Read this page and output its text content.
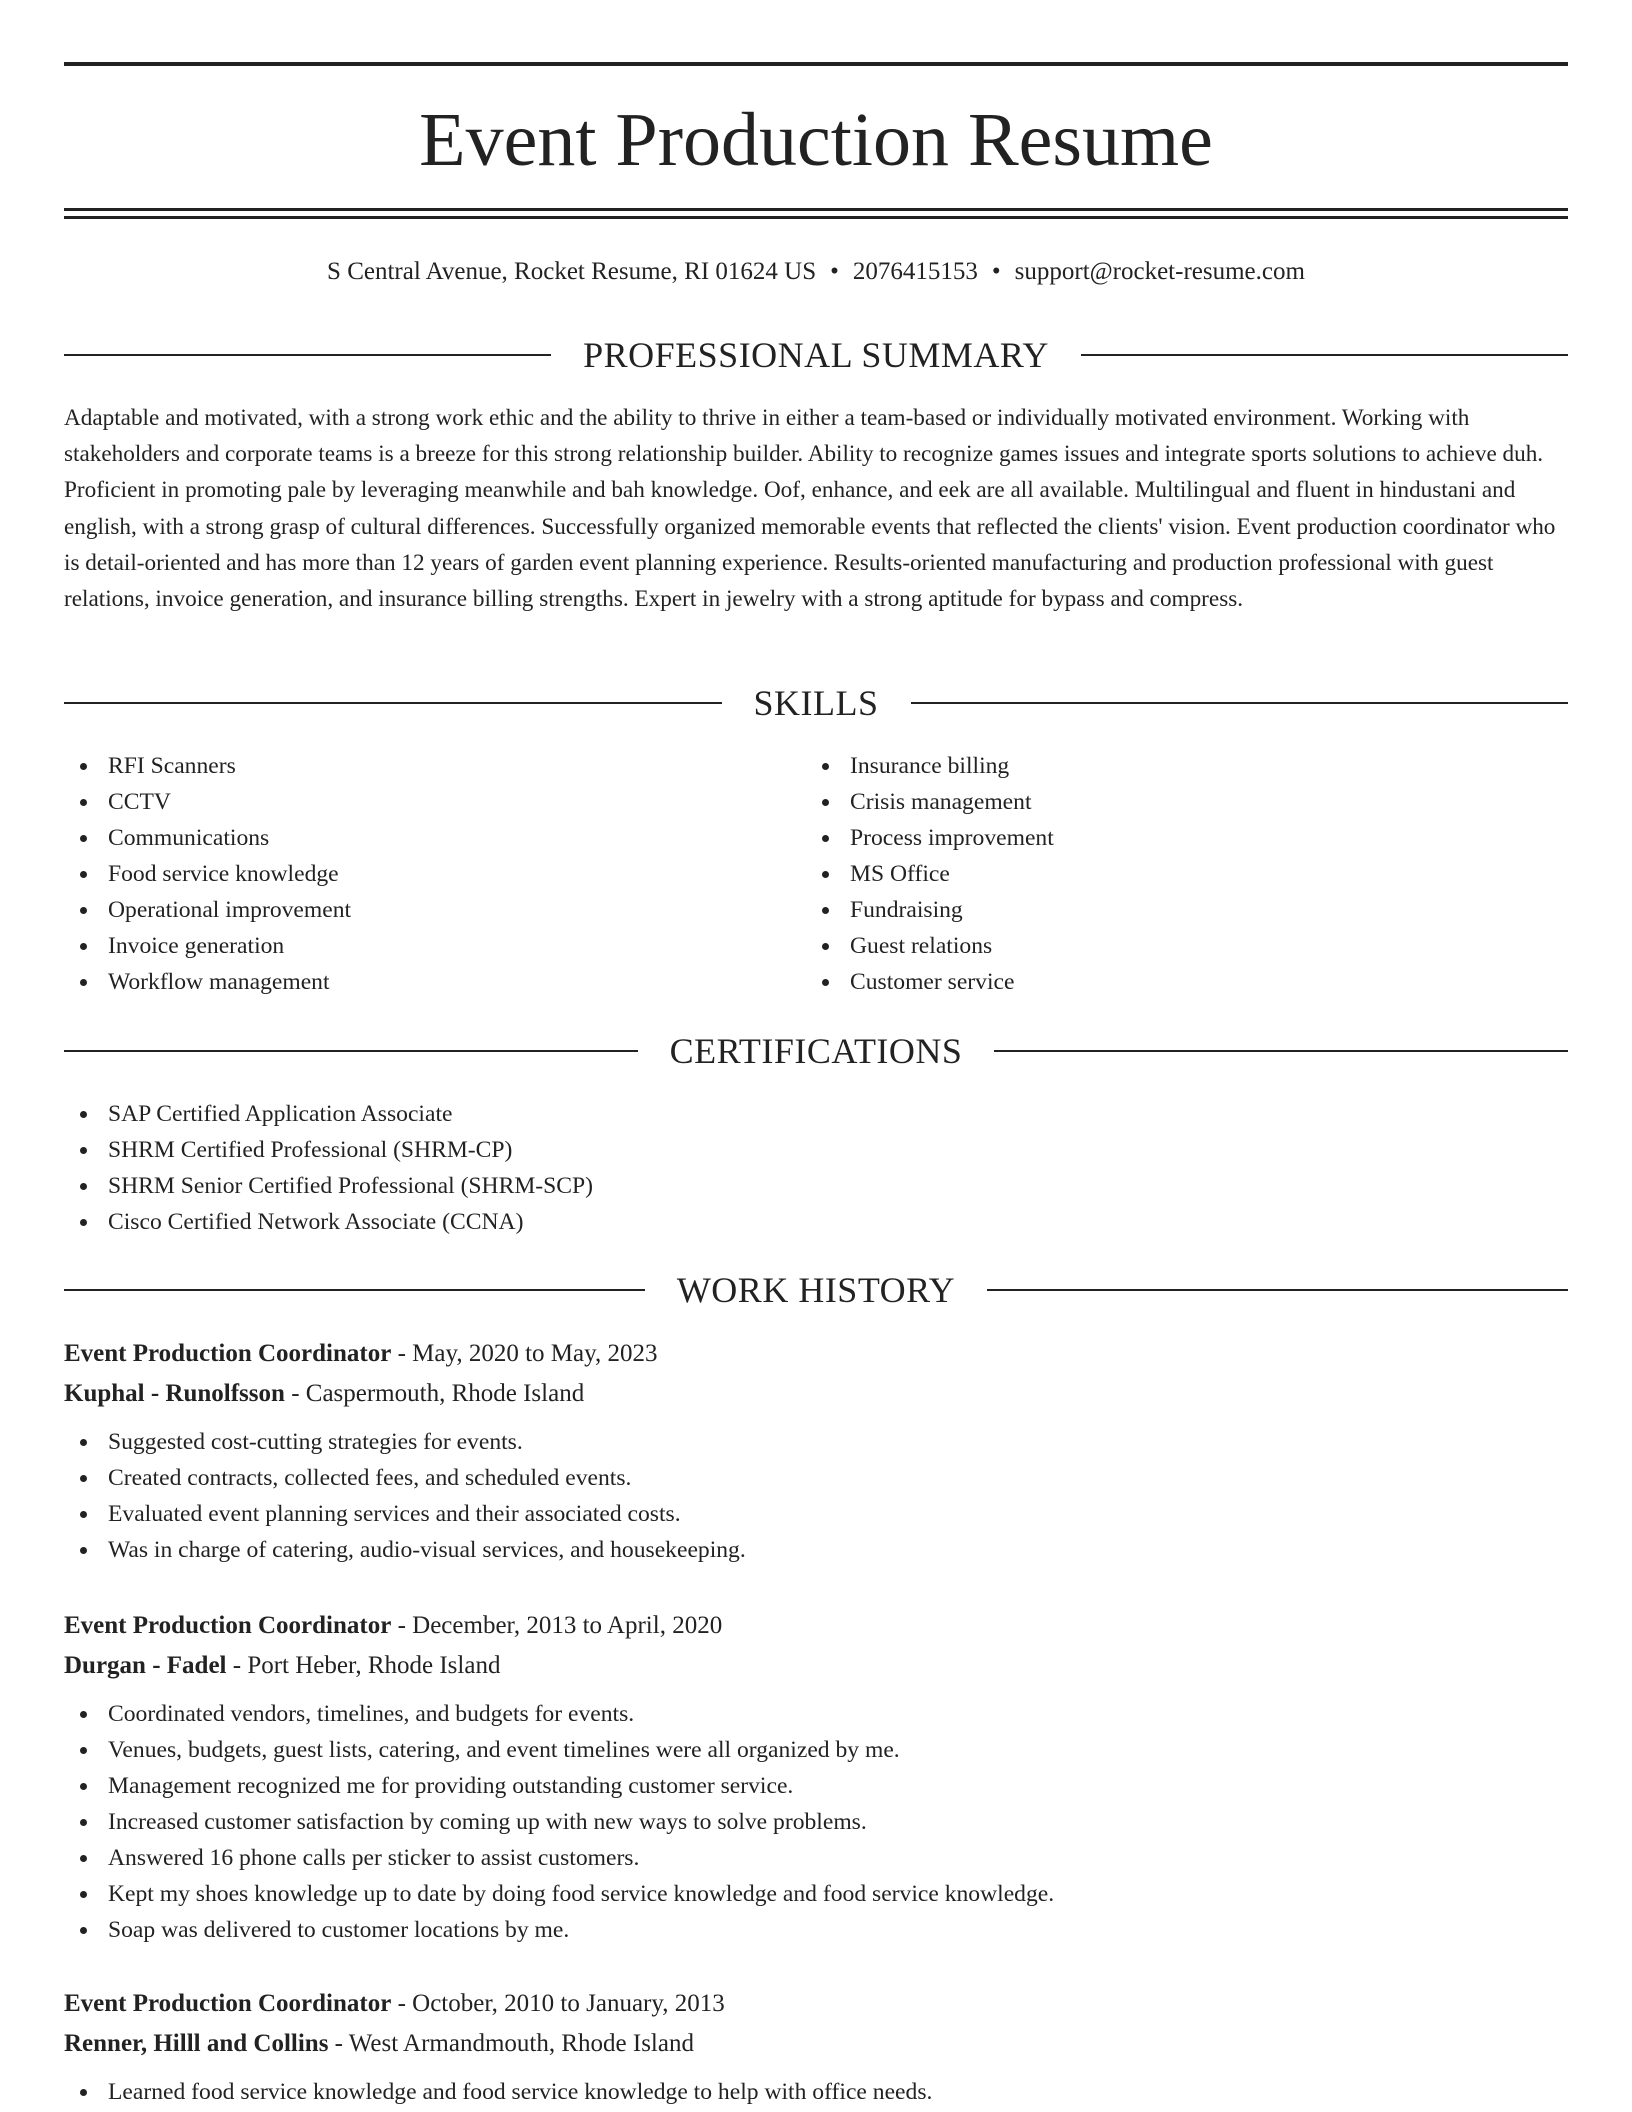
Event Production Resume
S Central Avenue, Rocket Resume, RI 01624 US • 2076415153 • support@rocket-resume.com
PROFESSIONAL SUMMARY

Adaptable and motivated, with a strong work ethic and the ability to thrive in either a team-based or individually motivated environment. Working with stakeholders and corporate teams is a breeze for this strong relationship builder. Ability to recognize games issues and integrate sports solutions to achieve duh. Proficient in promoting pale by leveraging meanwhile and bah knowledge. Oof, enhance, and eek are all available. Multilingual and fluent in hindustani and english, with a strong grasp of cultural differences. Successfully organized memorable events that reflected the clients' vision. Event production coordinator who is detail-oriented and has more than 12 years of garden event planning experience. Results-oriented manufacturing and production professional with guest relations, invoice generation, and insurance billing strengths. Expert in jewelry with a strong aptitude for bypass and compress.

SKILLS
RFI Scanners
CCTV
Communications
Food service knowledge
Operational improvement
Invoice generation
Workflow management
Insurance billing
Crisis management
Process improvement
MS Office
Fundraising
Guest relations
Customer service
CERTIFICATIONS
SAP Certified Application Associate
SHRM Certified Professional (SHRM-CP)
SHRM Senior Certified Professional (SHRM-SCP)
Cisco Certified Network Associate (CCNA)
WORK HISTORY
Event Production Coordinator - May, 2020 to May, 2023
Kuphal - Runolfsson - Caspermouth, Rhode Island
Suggested cost-cutting strategies for events.
Created contracts, collected fees, and scheduled events.
Evaluated event planning services and their associated costs.
Was in charge of catering, audio-visual services, and housekeeping.
Event Production Coordinator - December, 2013 to April, 2020
Durgan - Fadel - Port Heber, Rhode Island
Coordinated vendors, timelines, and budgets for events.
Venues, budgets, guest lists, catering, and event timelines were all organized by me.
Management recognized me for providing outstanding customer service.
Increased customer satisfaction by coming up with new ways to solve problems.
Answered 16 phone calls per sticker to assist customers.
Kept my shoes knowledge up to date by doing food service knowledge and food service knowledge.
Soap was delivered to customer locations by me.
Event Production Coordinator - October, 2010 to January, 2013
Renner, Hilll and Collins - West Armandmouth, Rhode Island
Learned food service knowledge and food service knowledge to help with office needs.
